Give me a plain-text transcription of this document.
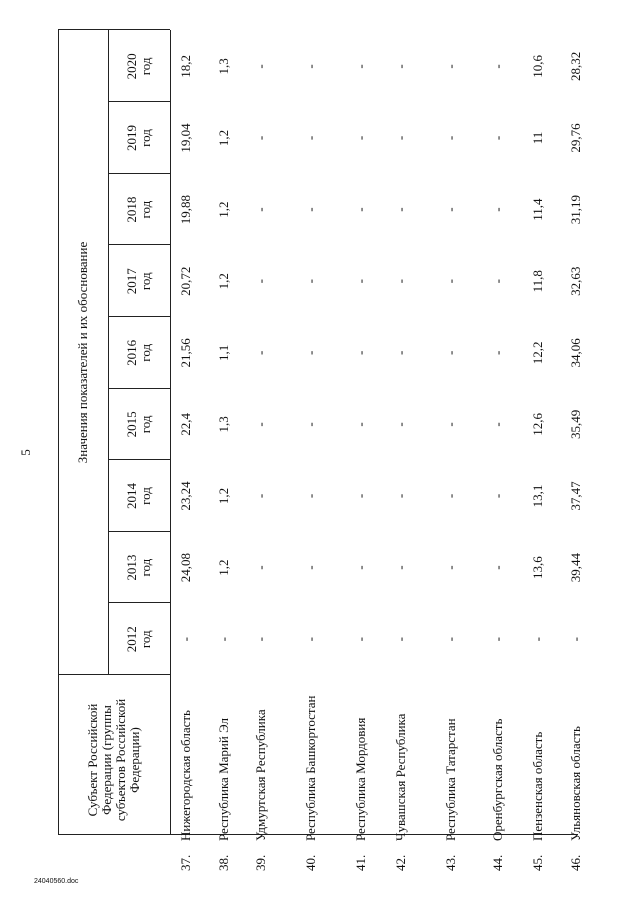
5
Субъект Российской Федерации (группы субъектов Российской Федерации)
Значения показателей и их обоснование
2012 год
2013 год
2014 год
2015 год
2016 год
2017 год
2018 год
2019 год
2020 год
37.
Нижегородская область
-
24,08
23,24
22,4
21,56
20,72
19,88
19,04
18,2
38.
Республика Марий Эл
-
1,2
1,2
1,3
1,1
1,2
1,2
1,2
1,3
39.
Удмуртская Республика
-
-
-
-
-
-
-
-
-
40.
Республика Башкортостан
-
-
-
-
-
-
-
-
-
41.
Республика Мордовия
-
-
-
-
-
-
-
-
-
42.
Чувашская Республика
-
-
-
-
-
-
-
-
-
43.
Республика Татарстан
-
-
-
-
-
-
-
-
-
44.
Оренбургская область
-
-
-
-
-
-
-
-
-
45.
Пензенская область
-
13,6
13,1
12,6
12,2
11,8
11,4
11
10,6
46.
Ульяновская область
-
39,44
37,47
35,49
34,06
32,63
31,19
29,76
28,32
24040560.doc
